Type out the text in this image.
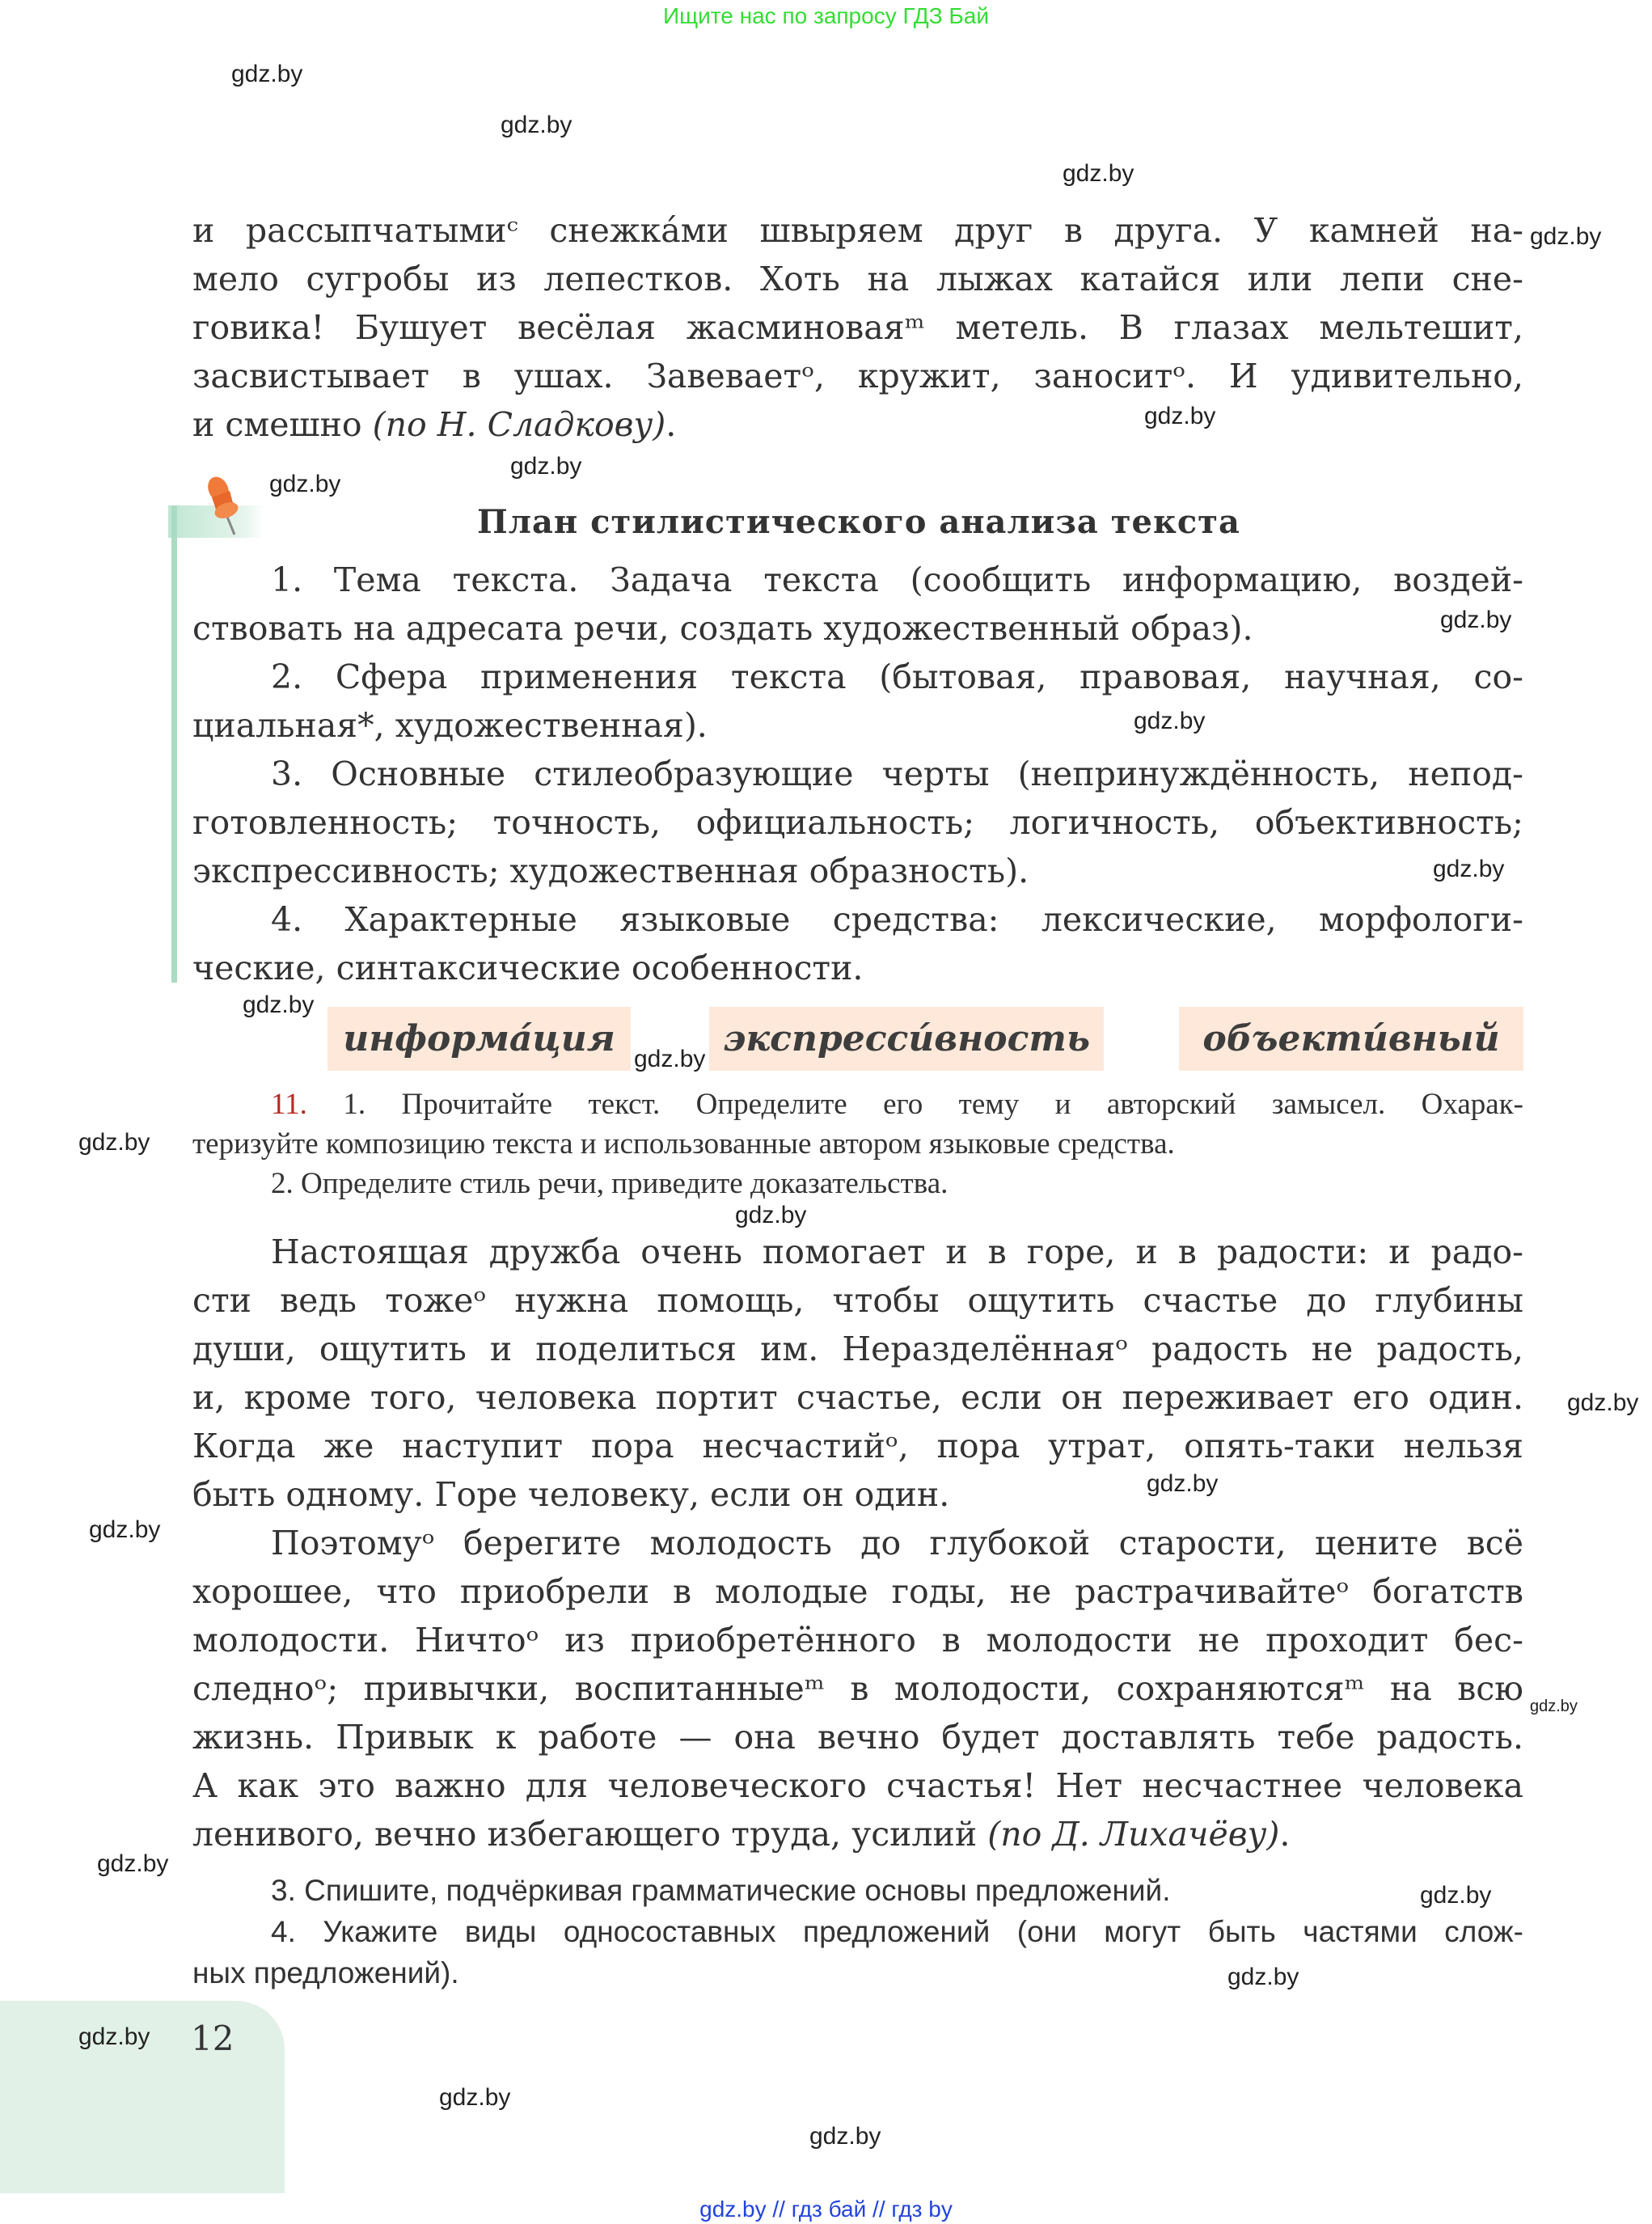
Ищите нас по запросу ГДЗ Бай
и рассыпчатымиᶜ снежка́ми швыряем друг в друга. У камней на-
мело сугробы из лепестков. Хоть на лыжах катайся или лепи сне-
говика! Бушует весёлая жасминоваяᵐ метель. В глазах мельтешит,
засвистывает в ушах. Завеваетᵒ, кружит, заноситᵒ. И удивительно,
и смешно (по Н. Сладкову).
План стилистического анализа текста
1. Тема текста. Задача текста (сообщить информацию, воздей-
ствовать на адресата речи, создать художественный образ).
2. Сфера применения текста (бытовая, правовая, научная, со-
циальная*, художественная).
3. Основные стилеобразующие черты (непринуждённость, непод-
готовленность; точность, официальность; логичность, объективность;
экспрессивность; художественная образность).
4. Характерные языковые средства: лексические, морфологи-
ческие, синтаксические особенности.
информа́ция	экспресси́вность	объекти́вный
11. 1. Прочитайте текст. Определите его тему и авторский замысел. Охарак-
теризуйте композицию текста и использованные автором языковые средства.
2. Определите стиль речи, приведите доказательства.
Настоящая дружба очень помогает и в горе, и в радости: и радо-
сти ведь тожеᵒ нужна помощь, чтобы ощутить счастье до глубины
души, ощутить и поделиться им. Неразделённаяᵒ радость не радость,
и, кроме того, человека портит счастье, если он переживает его один.
Когда же наступит пора несчастийᵒ, пора утрат, опять-таки нельзя
быть одному. Горе человеку, если он один.
Поэтомуᵒ берегите молодость до глубокой старости, цените всё
хорошее, что приобрели в молодые годы, не растрачивайтеᵒ богатств
молодости. Ничтоᵒ из приобретённого в молодости не проходит бес-
следноᵒ; привычки, воспитанныеᵐ в молодости, сохраняютсяᵐ на всю
жизнь. Привык к работе — она вечно будет доставлять тебе радость.
А как это важно для человеческого счастья! Нет несчастнее человека
ленивого, вечно избегающего труда, усилий (по Д. Лихачёву).
3. Спишите, подчёркивая грамматические основы предложений.
4. Укажите виды односоставных предложений (они могут быть частями слож-
ных предложений).
12
gdz.by // гдз бай // гдз by
gdz.by
gdz.by
gdz.by
gdz.by
gdz.by
gdz.by
gdz.by
gdz.by
gdz.by
gdz.by
gdz.by
gdz.by
gdz.by
gdz.by
gdz.by
gdz.by
gdz.by
gdz.by
gdz.by
gdz.by
gdz.by
gdz.by
gdz.by
gdz.by
